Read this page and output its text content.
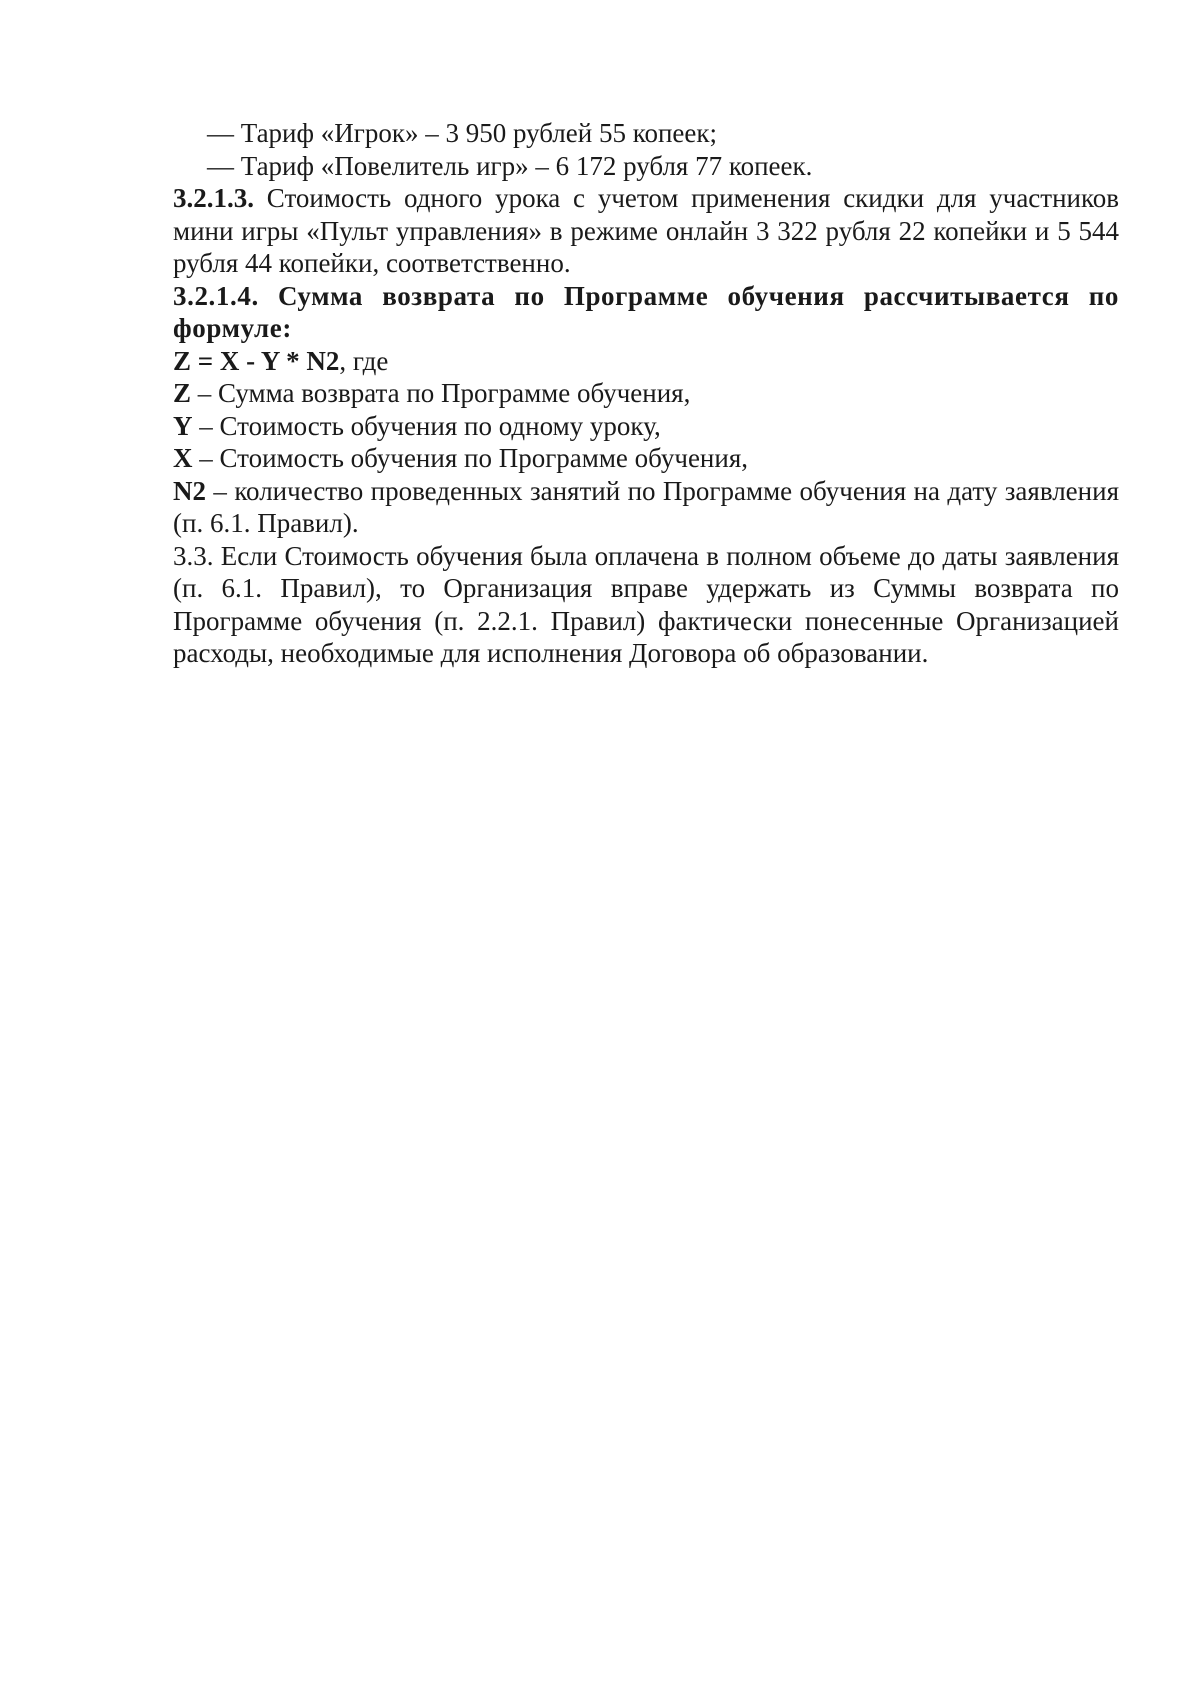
— Тариф «Игрок» – 3 950 рублей 55 копеек;

— Тариф «Повелитель игр» – 6 172 рубля 77 копеек.

3.2.1.3. Стоимость одного урока с учетом применения скидки для участников мини игры «Пульт управления» в режиме онлайн 3 322 рубля 22 копейки и 5 544 рубля 44 копейки, соответственно.

3.2.1.4. Сумма возврата по Программе обучения рассчитывается по формуле:

Z = X - Y * N2, где

Z – Сумма возврата по Программе обучения,

Y – Стоимость обучения по одному уроку,

X – Стоимость обучения по Программе обучения,

N2 – количество проведенных занятий по Программе обучения на дату заявления (п. 6.1. Правил).

3.3. Если Стоимость обучения была оплачена в полном объеме до даты заявления (п. 6.1. Правил), то Организация вправе удержать из Суммы возврата по Программе обучения (п. 2.2.1. Правил) фактически понесенные Организацией расходы, необходимые для исполнения Договора об образовании.
